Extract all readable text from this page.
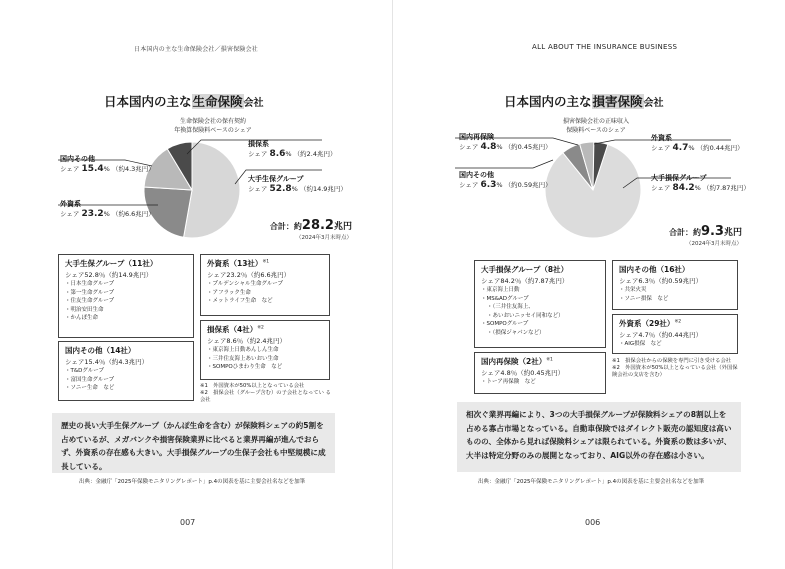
日本国内の主な生命保険会社／損害保険会社
日本国内の主な生命保険会社
生命保険会社の保有契約
年換算保険料ベースのシェア
損保系
シェア 8.6% （約2.4兆円）
大手生保グループ
シェア 52.8% （約14.9兆円）
国内その他
シェア 15.4% （約4.3兆円）
外資系
シェア 23.2% （約6.6兆円）
合計：約28.2兆円
（2024年3月末時点）
大手生保グループ（11社）
シェア52.8％（約14.9兆円）
・ 日本生命グループ
・ 第一生命グループ
・ 住友生命グループ
・ 明治安田生命
・ かんぽ生命
国内その他（14社）
シェア15.4％（約4.3兆円）
・ T&Dグループ
・ 富国生命グループ
・ ソニー生命　など
外資系（13社）$^{※1}$
シェア23.2％（約6.6兆円）
・ プルデンシャル生命グループ
・ アフラック生命
・ メットライフ生命　など
損保系（4社）$^{※2}$
シェア8.6％（約2.4兆円）
・ 東京海上日動あんしん生命
・ 三井住友海上あいおい生命
・ SOMPOひまわり生命　など
※1　 外国資本が50%以上となっている会社
※2　 損保会社（グループ含む）の子会社となってい る会社
歴史の長い大手生保グループ（かんぽ生命を含む）が保険料シェアの約5割を占めているが、メガバンクや損害保険業界に比べると業界再編が進んでおらず、外資系の存在感も大きい。大手損保グループの生保子会社も中堅規模に成長している。
出典：金融庁「2025年保険モニタリングレポート」p.4の図表を基に主要会社名などを加筆
007
ALL ABOUT THE INSURANCE BUSINESS
日本国内の主な損害保険会社
損害保険会社の正味収入
保険料ベースのシェア
国内再保険
シェア 4.8% （約0.45兆円）
国内その他
シェア 6.3% （約0.59兆円）
外資系
シェア 4.7% （約0.44兆円）
大手損保グループ
シェア 84.2% （約7.87兆円）
合計：約9.3兆円
（2024年3月末時点）
大手損保グループ（8社）
シェア84.2％（約7.87兆円）
・ 東京海上日動
・ MS&ADグループ
・ （三井住友海上、
・ あいおいニッセイ同和など）
・ SOMPOグループ
・ （損保ジャパンなど）
国内再保険（2社）$^{※1}$
シェア4.8％（約0.45兆円）
・ トーア再保険　など
国内その他（16社）
シェア6.3％（約0.59兆円）
・ 共栄火災
・ ソニー損保　など
外資系（29社）$^{※2}$
シェア4.7％（約0.44兆円）
・ AIG損保　など
※1　 損保会社からの保険を専門に引き受ける会社
※2　 外国資本が50%以上となっている会社（外国保険会社の支店を含む）
相次ぐ業界再編により、3つの大手損保グループが保険料シェアの8割以上を占める寡占市場となっている。自動車保険ではダイレクト販売の認知度は高いものの、全体から見れば保険料シェアは限られている。外資系の数は多いが、大半は特定分野のみの展開となっており、AIG以外の存在感は小さい。
出典：金融庁「2025年保険モニタリングレポート」p.4の図表を基に主要会社名などを加筆
006
